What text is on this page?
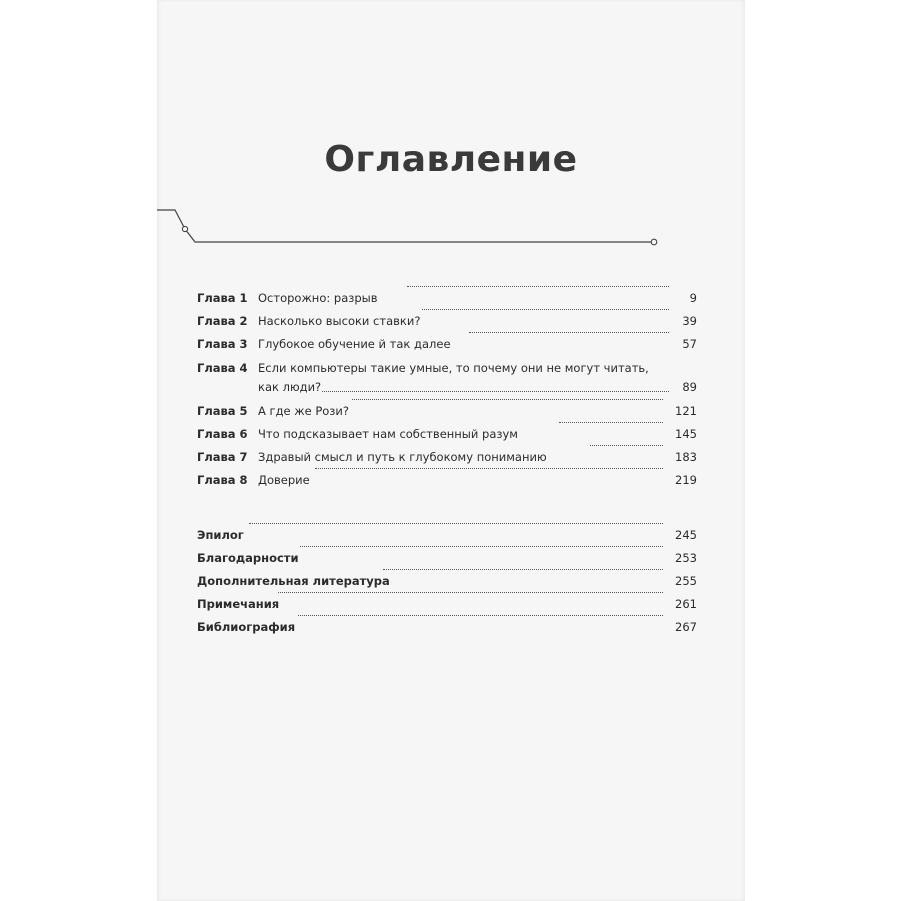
Оглавление
Глава 1 Осторожно: разрыв	9
Глава 2 Насколько высоки ставки?	39
Глава 3 Глубокое обучение й так далее	57
Глава 4 Если компьютеры такие умные, то почему они не могут читать,
как люди?	89
Глава 5 А где же Рози?	121
Глава 6 Что подсказывает нам собственный разум	145
Глава 7 Здравый смысл и путь к глубокому пониманию	183
Глава 8 Доверие	219
Эпилог	245
Благодарности	253
Дополнительная литература	255
Примечания	261
Библиография	267
